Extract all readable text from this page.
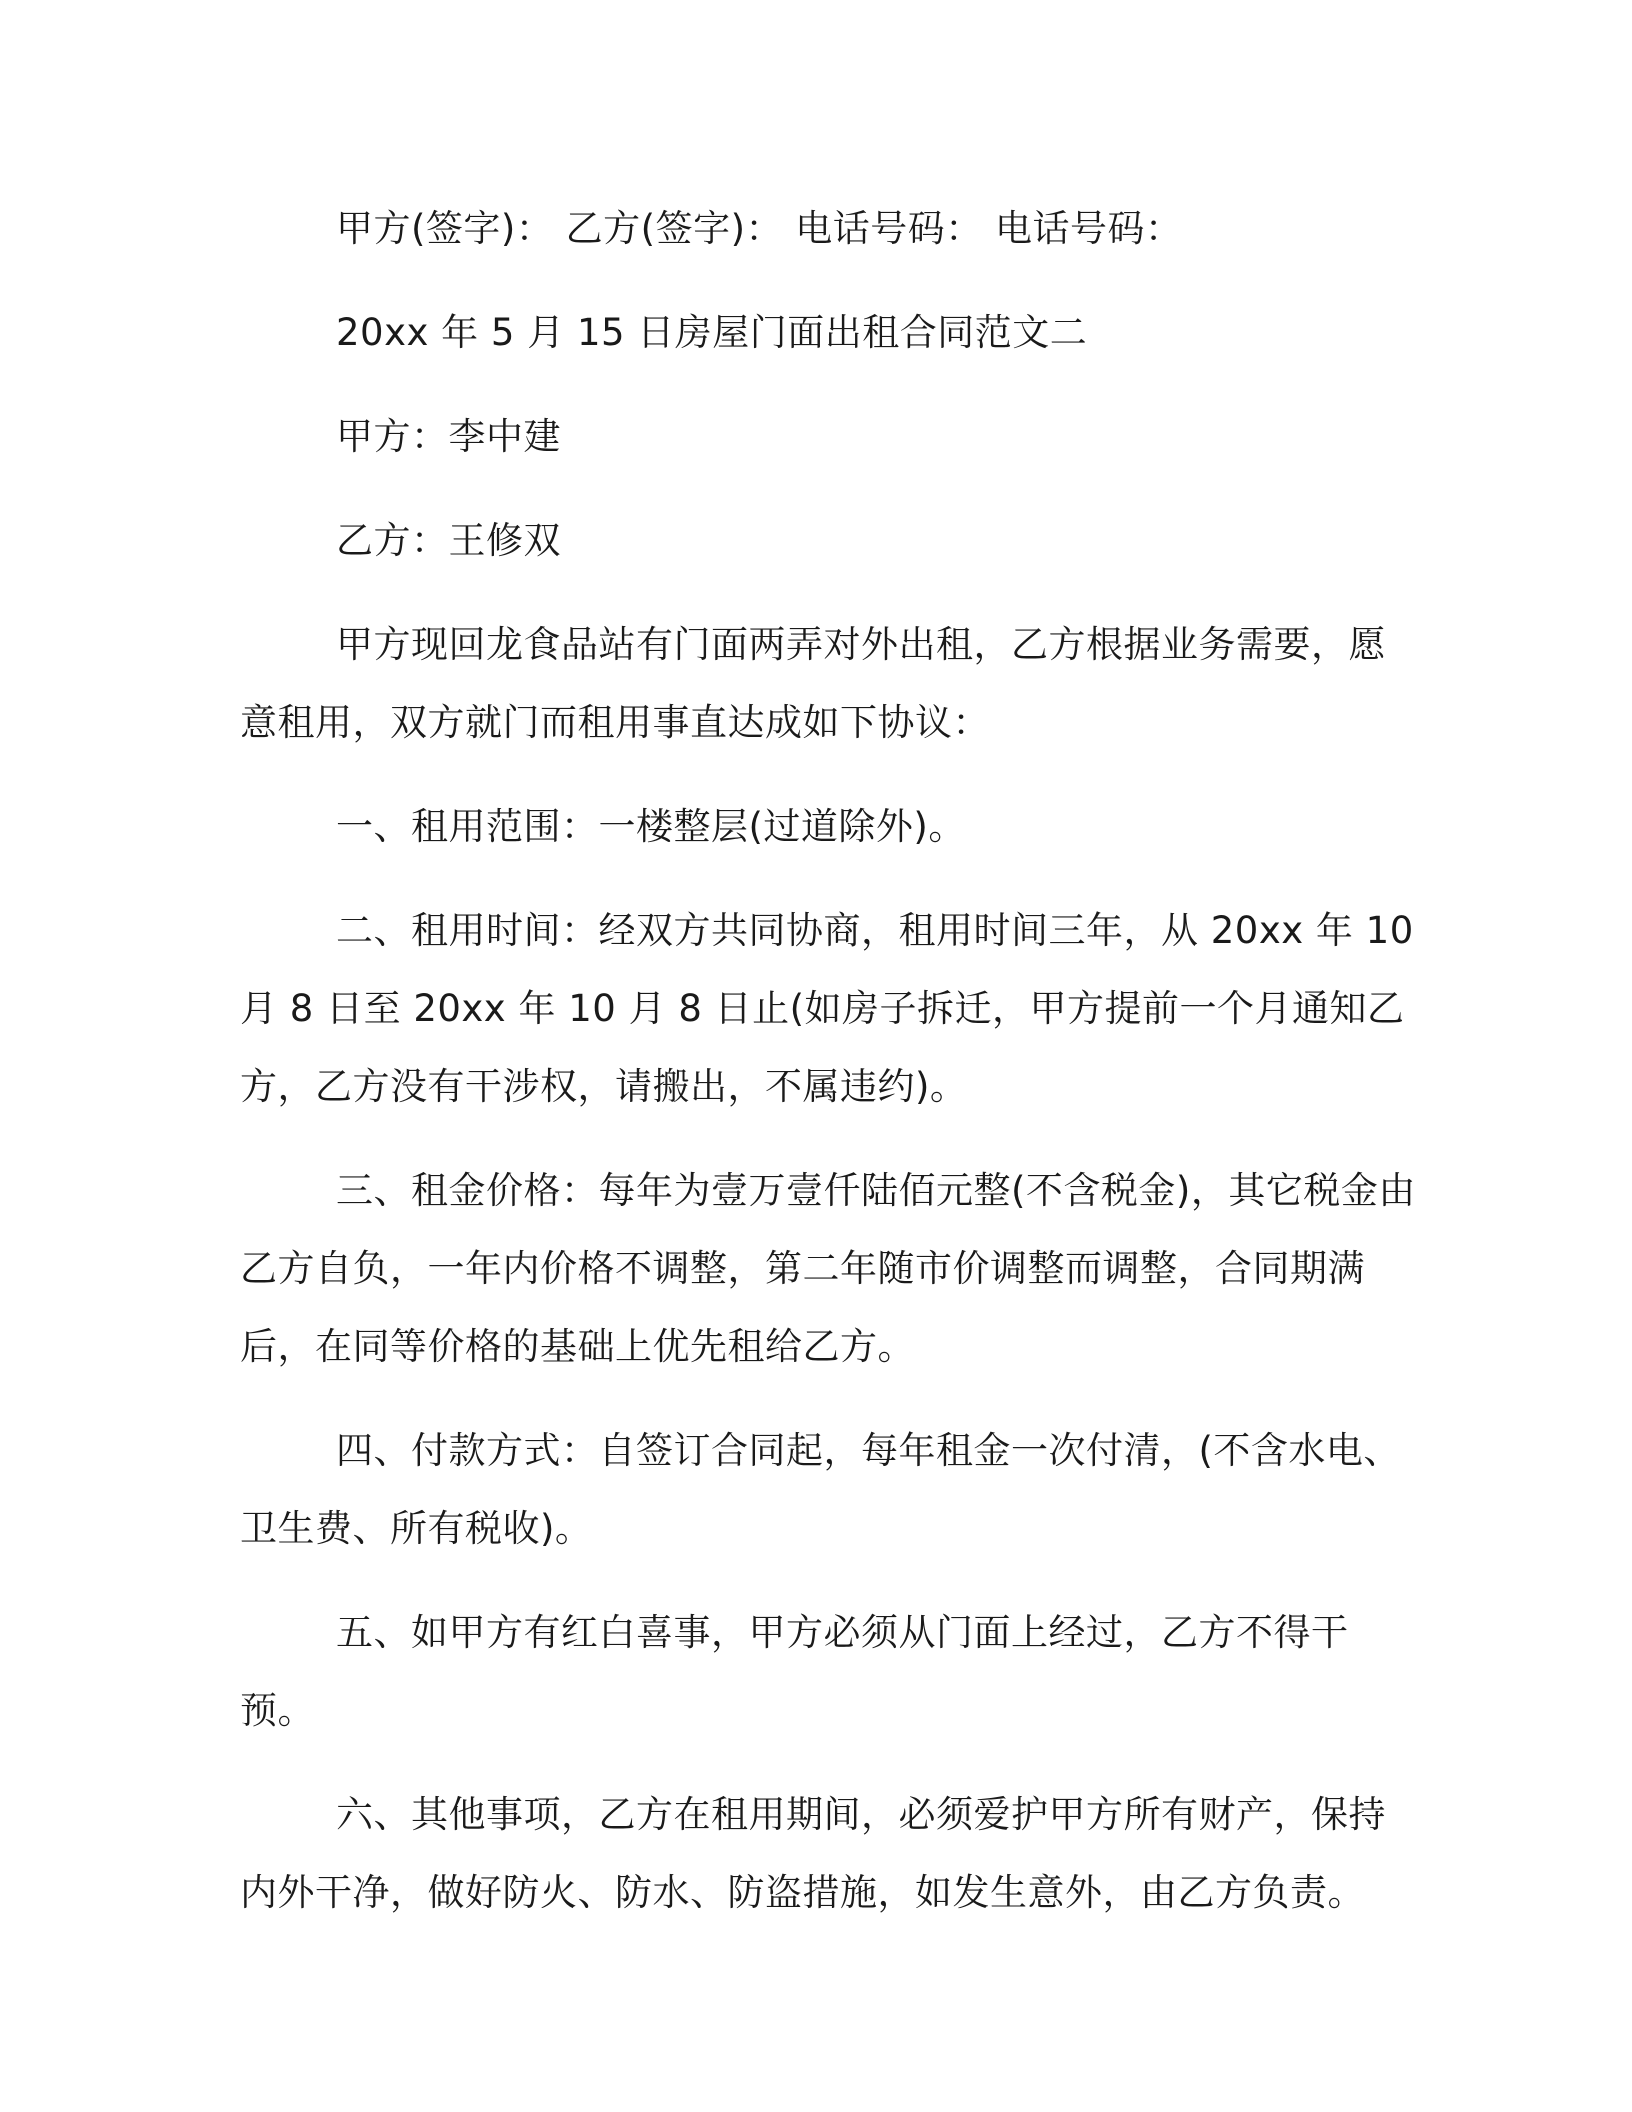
甲方(签字)： 乙方(签字)： 电话号码： 电话号码：

20xx 年 5 月 15 日房屋门面出租合同范文二

甲方：李中建

乙方：王修双

甲方现回龙食品站有门面两弄对外出租，乙方根据业务需要，愿意租用，双方就门而租用事直达成如下协议：

一、租用范围：一楼整层(过道除外)。

二、租用时间：经双方共同协商，租用时间三年，从 20xx 年 10 月 8 日至 20xx 年 10 月 8 日止(如房子拆迁，甲方提前一个月通知乙方，乙方没有干涉权，请搬出，不属违约)。

三、租金价格：每年为壹万壹仟陆佰元整(不含税金)，其它税金由乙方自负，一年内价格不调整，第二年随市价调整而调整，合同期满后，在同等价格的基础上优先租给乙方。

四、付款方式：自签订合同起，每年租金一次付清，(不含水电、卫生费、所有税收)。

五、如甲方有红白喜事，甲方必须从门面上经过，乙方不得干预。

六、其他事项，乙方在租用期间，必须爱护甲方所有财产，保持内外干净，做好防火、防水、防盗措施，如发生意外，由乙方负责。
